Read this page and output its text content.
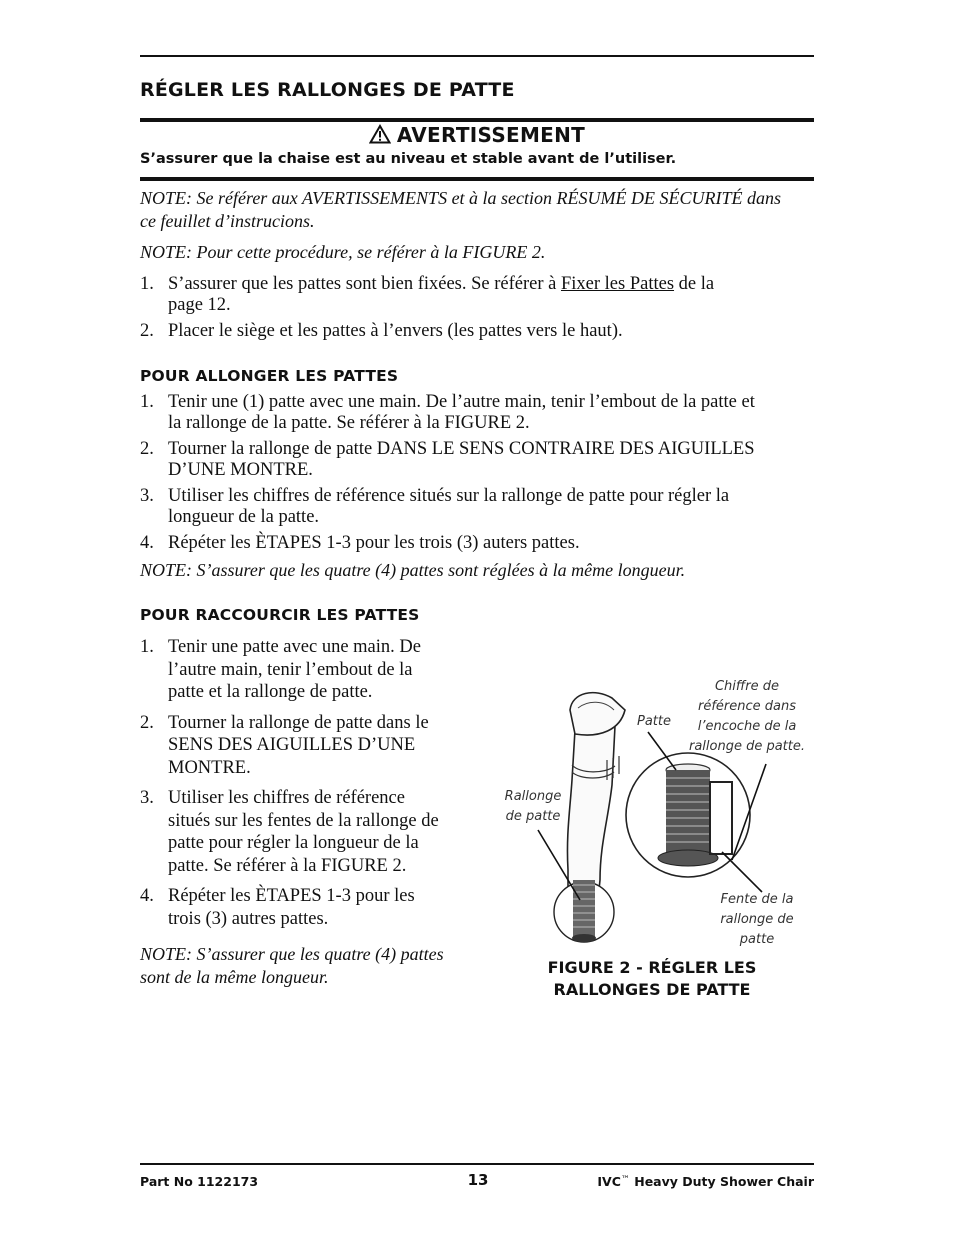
RÉGLER LES RALLONGES DE PATTE
AVERTISSEMENT
S’assurer que la chaise est au niveau et stable avant de l’utiliser.
NOTE: Se référer aux AVERTISSEMENTS et à la section RÉSUMÉ DE SÉCURITÉ dans
ce feuillet d’instrucions.
NOTE: Pour cette procédure, se référer à la FIGURE 2.
1. S’assurer que les pattes sont bien fixées. Se référer à Fixer les Pattes de la
page 12.
2. Placer le siège et les pattes à l’envers (les pattes vers le haut).
POUR ALLONGER LES PATTES
1. Tenir une (1) patte avec une main. De l’autre main, tenir l’embout de la patte et
la rallonge de la patte. Se référer à la FIGURE 2.
2. Tourner la rallonge de patte DANS LE SENS CONTRAIRE DES AIGUILLES
D’UNE MONTRE.
3. Utiliser les chiffres de référence situés sur la rallonge de patte pour régler la
longueur de la patte.
4. Répéter les ÈTAPES 1-3 pour les trois (3) auters pattes.
NOTE: S’assurer que les quatre (4) pattes sont réglées à la même longueur.
POUR RACCOURCIR LES PATTES
1. Tenir une patte avec une main. De
l’autre main, tenir l’embout de la
patte et la rallonge de patte.
2. Tourner la rallonge de patte dans le
SENS DES AIGUILLES D’UNE
MONTRE.
3. Utiliser les chiffres de référence
situés sur les fentes de la rallonge de
patte pour régler la longueur de la
patte. Se référer à la FIGURE 2.
4. Répéter les ÈTAPES 1-3 pour les
trois (3) autres pattes.
NOTE: S’assurer que les quatre (4) pattes
sont de la même longueur.
Patte
Chiffre de
référence dans
l’encoche de la
rallonge de patte.
Rallonge
de patte
Fente de la
rallonge de
patte
FIGURE 2 - RÉGLER LES
RALLONGES DE PATTE
Part No 1122173	13	IVC™ Heavy Duty Shower Chair
